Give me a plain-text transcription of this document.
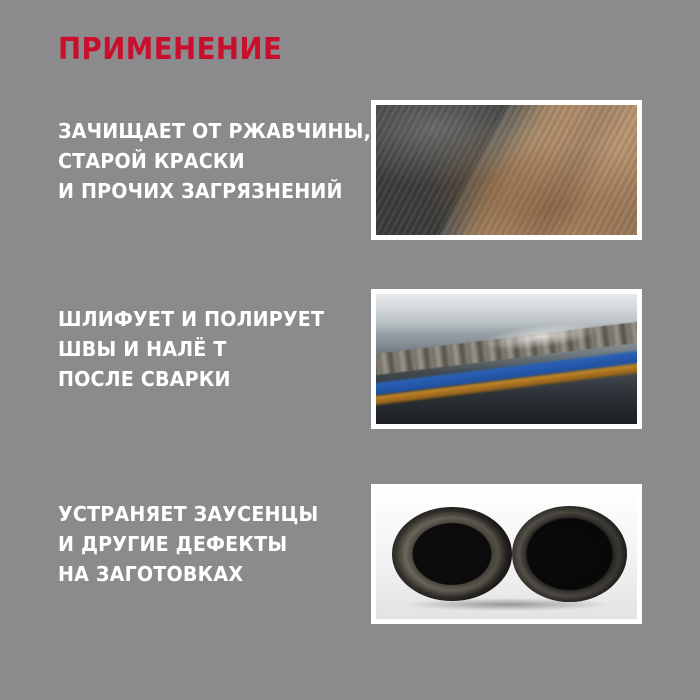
ПРИМЕНЕНИЕ
ЗАЧИЩАЕТ ОТ РЖАВЧИНЫ,
СТАРОЙ КРАСКИ
И ПРОЧИХ ЗАГРЯЗНЕНИЙ
ШЛИФУЕТ И ПОЛИРУЕТ
ШВЫ И НАЛЁ Т
ПОСЛЕ СВАРКИ
УСТРАНЯЕТ ЗАУСЕНЦЫ
И ДРУГИЕ ДЕФЕКТЫ
НА ЗАГОТОВКАХ
